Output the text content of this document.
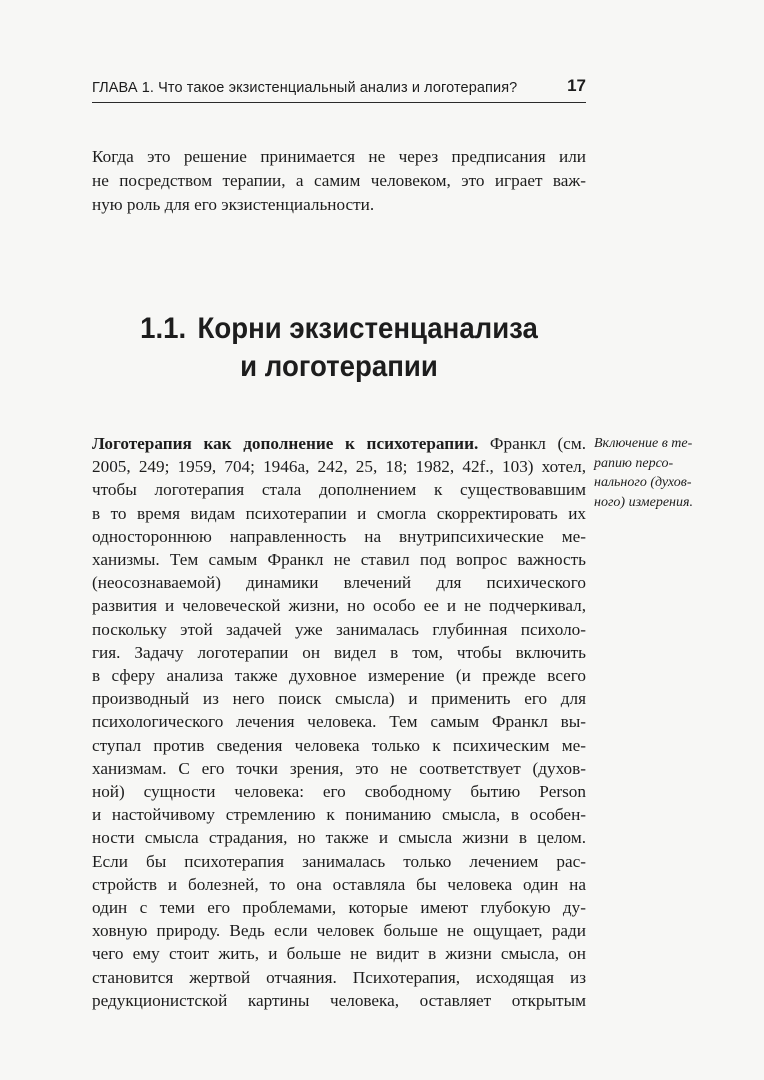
ГЛАВА 1. Что такое экзистенциальный анализ и логотерапия?	17
Когда это решение принимается не через предписания или
не посредством терапии, а самим человеком, это играет важ-
ную роль для его экзистенциальности.
1.1. Корни экзистенцанализа
и логотерапии
Логотерапия как дополнение к психотерапии. Франкл (см.
2005, 249; 1959, 704; 1946a, 242, 25, 18; 1982, 42f., 103) хотел,
чтобы логотерапия стала дополнением к существовавшим
в то время видам психотерапии и смогла скорректировать их
одностороннюю направленность на внутрипсихические ме-
ханизмы. Тем самым Франкл не ставил под вопрос важность
(неосознаваемой) динамики влечений для психического
развития и человеческой жизни, но особо ее и не подчеркивал,
поскольку этой задачей уже занималась глубинная психоло-
гия. Задачу логотерапии он видел в том, чтобы включить
в сферу анализа также духовное измерение (и прежде всего
производный из него поиск смысла) и применить его для
психологического лечения человека. Тем самым Франкл вы-
ступал против сведения человека только к психическим ме-
ханизмам. С его точки зрения, это не соответствует (духов-
ной) сущности человека: его свободному бытию Person
и настойчивому стремлению к пониманию смысла, в особен-
ности смысла страдания, но также и смысла жизни в целом.
Если бы психотерапия занималась только лечением рас-
стройств и болезней, то она оставляла бы человека один на
один с теми его проблемами, которые имеют глубокую ду-
ховную природу. Ведь если человек больше не ощущает, ради
чего ему стоит жить, и больше не видит в жизни смысла, он
становится жертвой отчаяния. Психотерапия, исходящая из
редукционистской картины человека, оставляет открытым
Включение в те-
рапию персо-
нального (духов-
ного) измерения.
